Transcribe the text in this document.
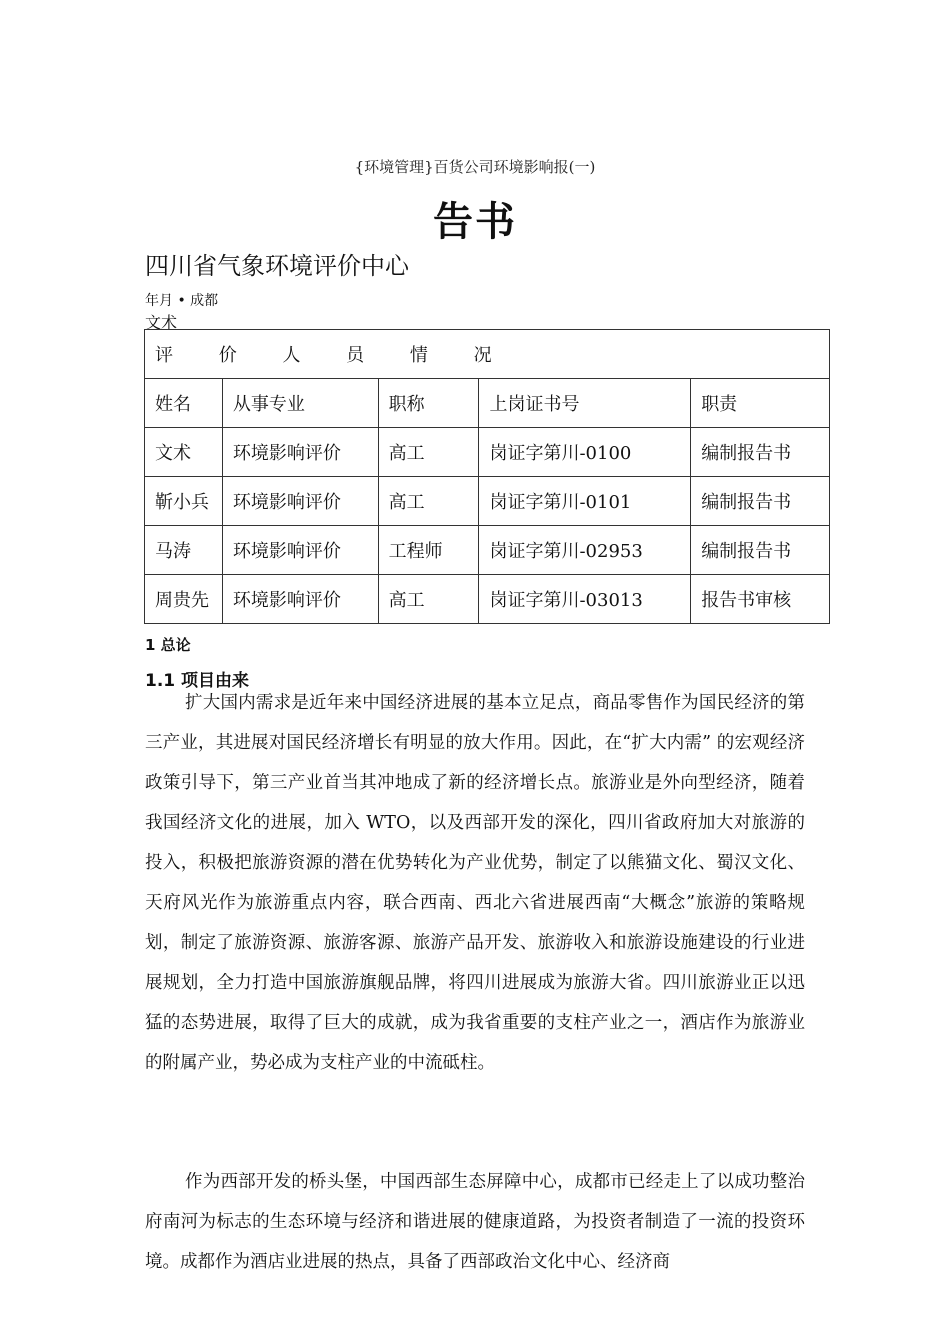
{环境管理}百货公司环境影响报(一)
告书
四川省气象环境评价中心
年月 • 成都
文术
评 价 人 员 情 况				
姓名	从事专业	职称	上岗证书号	职责
文术	环境影响评价	高工	岗证字第川-0100	编制报告书
靳小兵	环境影响评价	高工	岗证字第川-0101	编制报告书
马涛	环境影响评价	工程师	岗证字第川-02953	编制报告书
周贵先	环境影响评价	高工	岗证字第川-03013	报告书审核
1 总论
1.1 项目由来
扩大国内需求是近年来中国经济进展的基本立足点，商品零售作为国民经济的第三产业，其进展对国民经济增长有明显的放大作用。因此，在“扩大内需” 的宏观经济政策引导下，第三产业首当其冲地成了新的经济增长点。旅游业是外向型经济，随着我国经济文化的进展，加入 WTO，以及西部开发的深化，四川省政府加大对旅游的投入，积极把旅游资源的潜在优势转化为产业优势，制定了以熊猫文化、蜀汉文化、天府风光作为旅游重点内容，联合西南、西北六省进展西南“大概念”旅游的策略规划，制定了旅游资源、旅游客源、旅游产品开发、旅游收入和旅游设施建设的行业进展规划，全力打造中国旅游旗舰品牌，将四川进展成为旅游大省。四川旅游业正以迅猛的态势进展，取得了巨大的成就，成为我省重要的支柱产业之一，酒店作为旅游业的附属产业，势必成为支柱产业的中流砥柱。
作为西部开发的桥头堡，中国西部生态屏障中心，成都市已经走上了以成功整治府南河为标志的生态环境与经济和谐进展的健康道路，为投资者制造了一流的投资环境。成都作为酒店业进展的热点，具备了西部政治文化中心、经济商
